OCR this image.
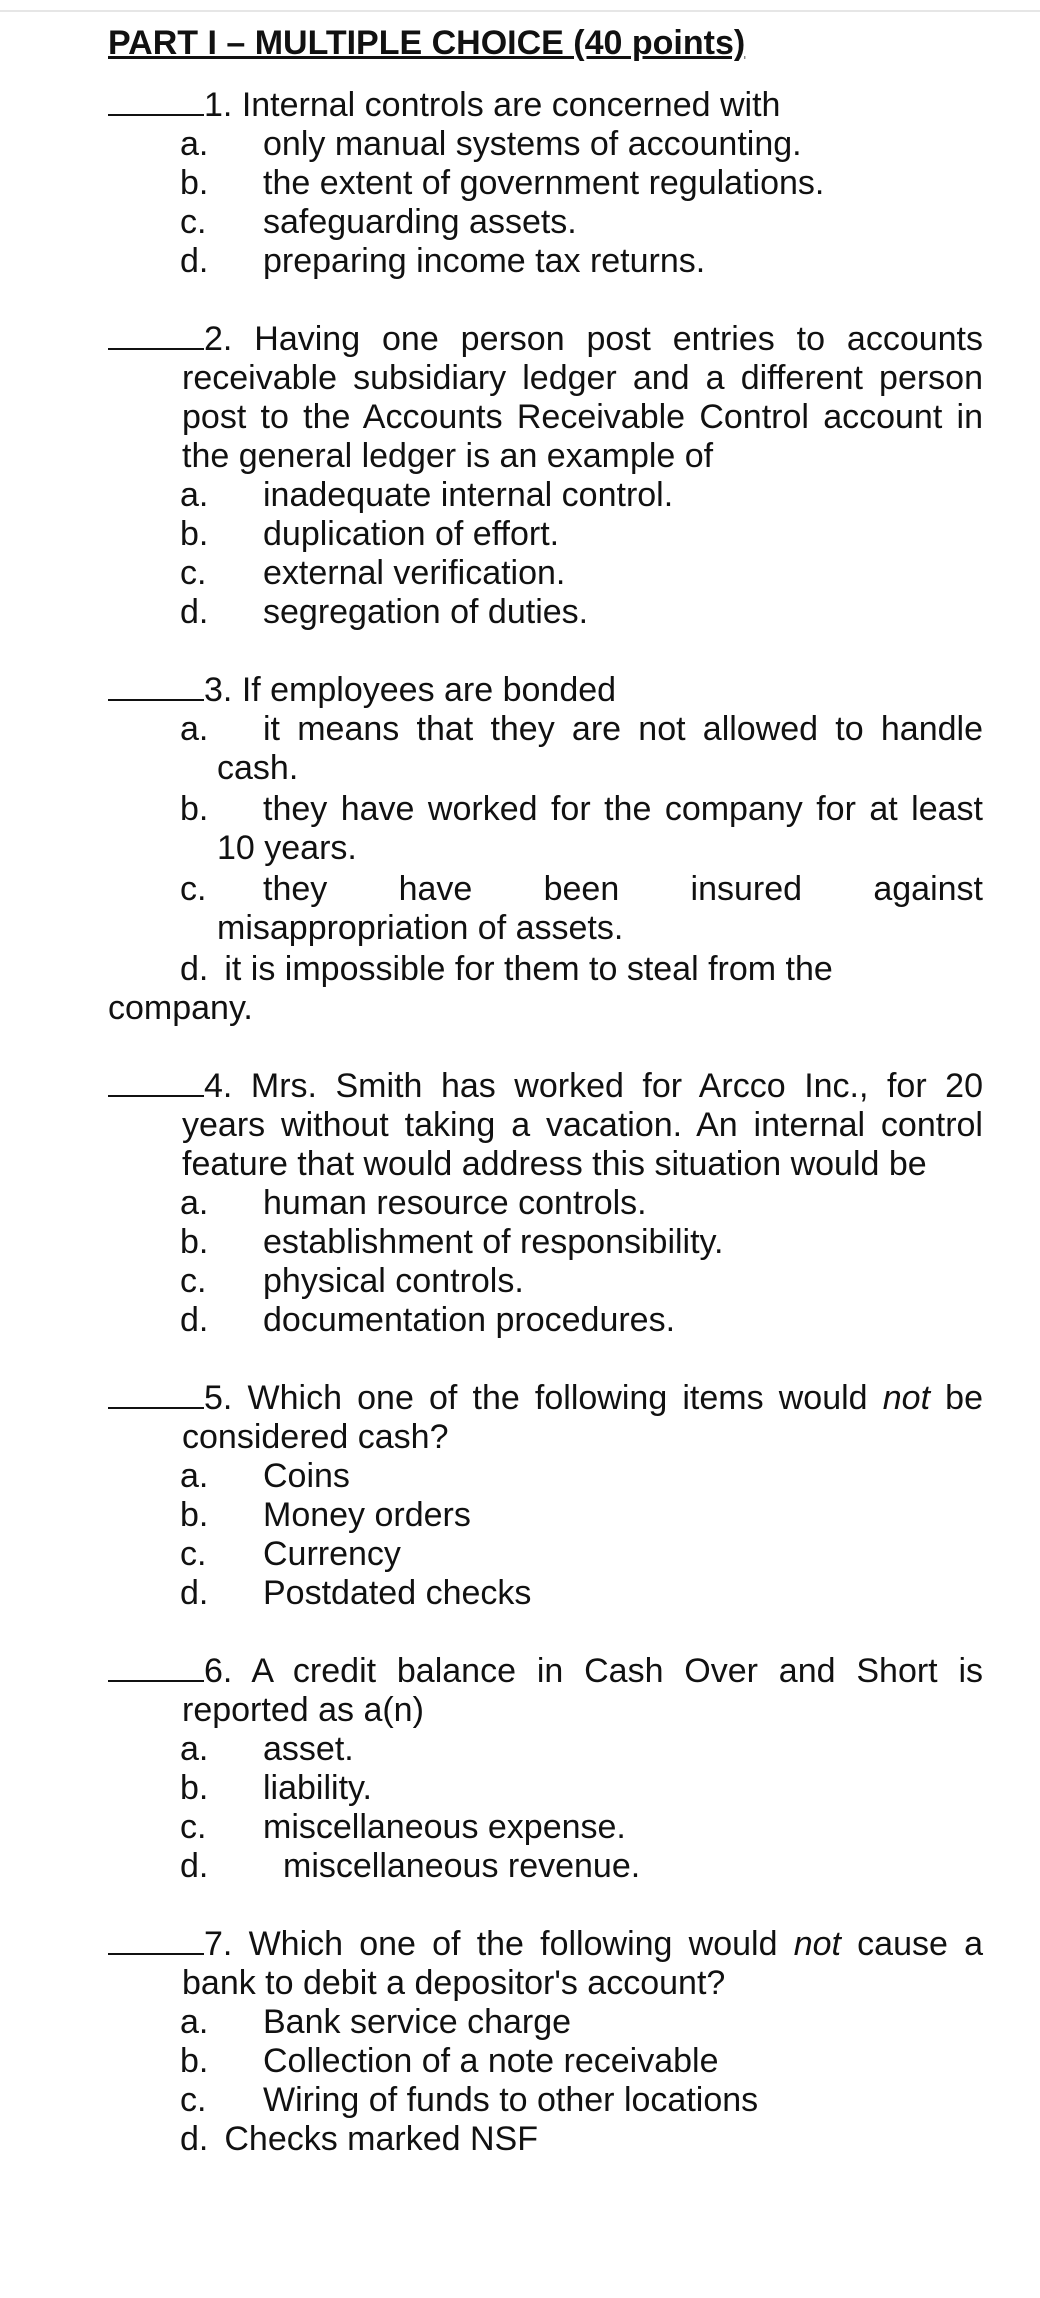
PART I – MULTIPLE CHOICE (40 points)
1. Internal controls are concerned with
a. only manual systems of accounting.
b. the extent of government regulations.
c. safeguarding assets.
d. preparing income tax returns.
2. Having one person post entries to accounts receivable subsidiary ledger and a different person post to the Accounts Receivable Control account in the general ledger is an example of
a. inadequate internal control.
b. duplication of effort.
c. external verification.
d. segregation of duties.
3. If employees are bonded
a.	it means that they are not allowed to handle
cash.
b.	they have worked for the company for at least
10 years.
c.	they have been insured against
misappropriation of assets.
d. it is impossible for them to steal from the
company.
4. Mrs. Smith has worked for Arcco Inc., for 20 years without taking a vacation. An internal control feature that would address this situation would be
a. human resource controls.
b. establishment of responsibility.
c. physical controls.
d. documentation procedures.
5. Which one of the following items would not be considered cash?
a. Coins
b. Money orders
c. Currency
d. Postdated checks
6. A credit balance in Cash Over and Short is reported as a(n)
a. asset.
b. liability.
c. miscellaneous expense.
d. miscellaneous revenue.
7. Which one of the following would not cause a bank to debit a depositor's account?
a. Bank service charge
b. Collection of a note receivable
c. Wiring of funds to other locations
d. Checks marked NSF
